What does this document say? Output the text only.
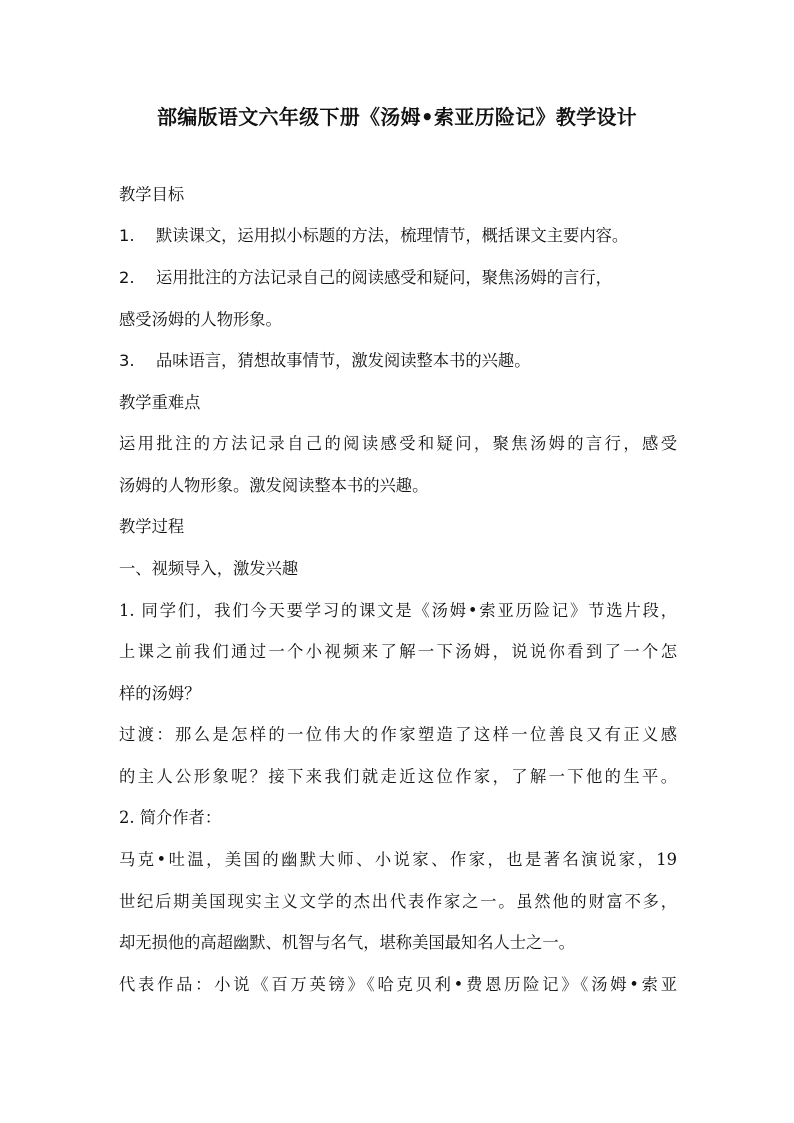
部编版语文六年级下册《汤姆•索亚历险记》教学设计
教学目标
1. 默读课文，运用拟小标题的方法，梳理情节，概括课文主要内容。
2. 运用批注的方法记录自己的阅读感受和疑问，聚焦汤姆的言行，
感受汤姆的人物形象。
3. 品味语言，猜想故事情节，激发阅读整本书的兴趣。
教学重难点
运用批注的方法记录自己的阅读感受和疑问，聚焦汤姆的言行，感受
汤姆的人物形象。激发阅读整本书的兴趣。
教学过程
一、视频导入，激发兴趣
1. 同学们，我们今天要学习的课文是《汤姆•索亚历险记》节选片段，
上课之前我们通过一个小视频来了解一下汤姆，说说你看到了一个怎
样的汤姆？
过渡：那么是怎样的一位伟大的作家塑造了这样一位善良又有正义感
的主人公形象呢？接下来我们就走近这位作家，了解一下他的生平。
2. 简介作者：
马克•吐温，美国的幽默大师、小说家、作家，也是著名演说家，19
世纪后期美国现实主义文学的杰出代表作家之一。虽然他的财富不多，
却无损他的高超幽默、机智与名气，堪称美国最知名人士之一。
代表作品：小说《百万英镑》《哈克贝利•费恩历险记》《汤姆•索亚
